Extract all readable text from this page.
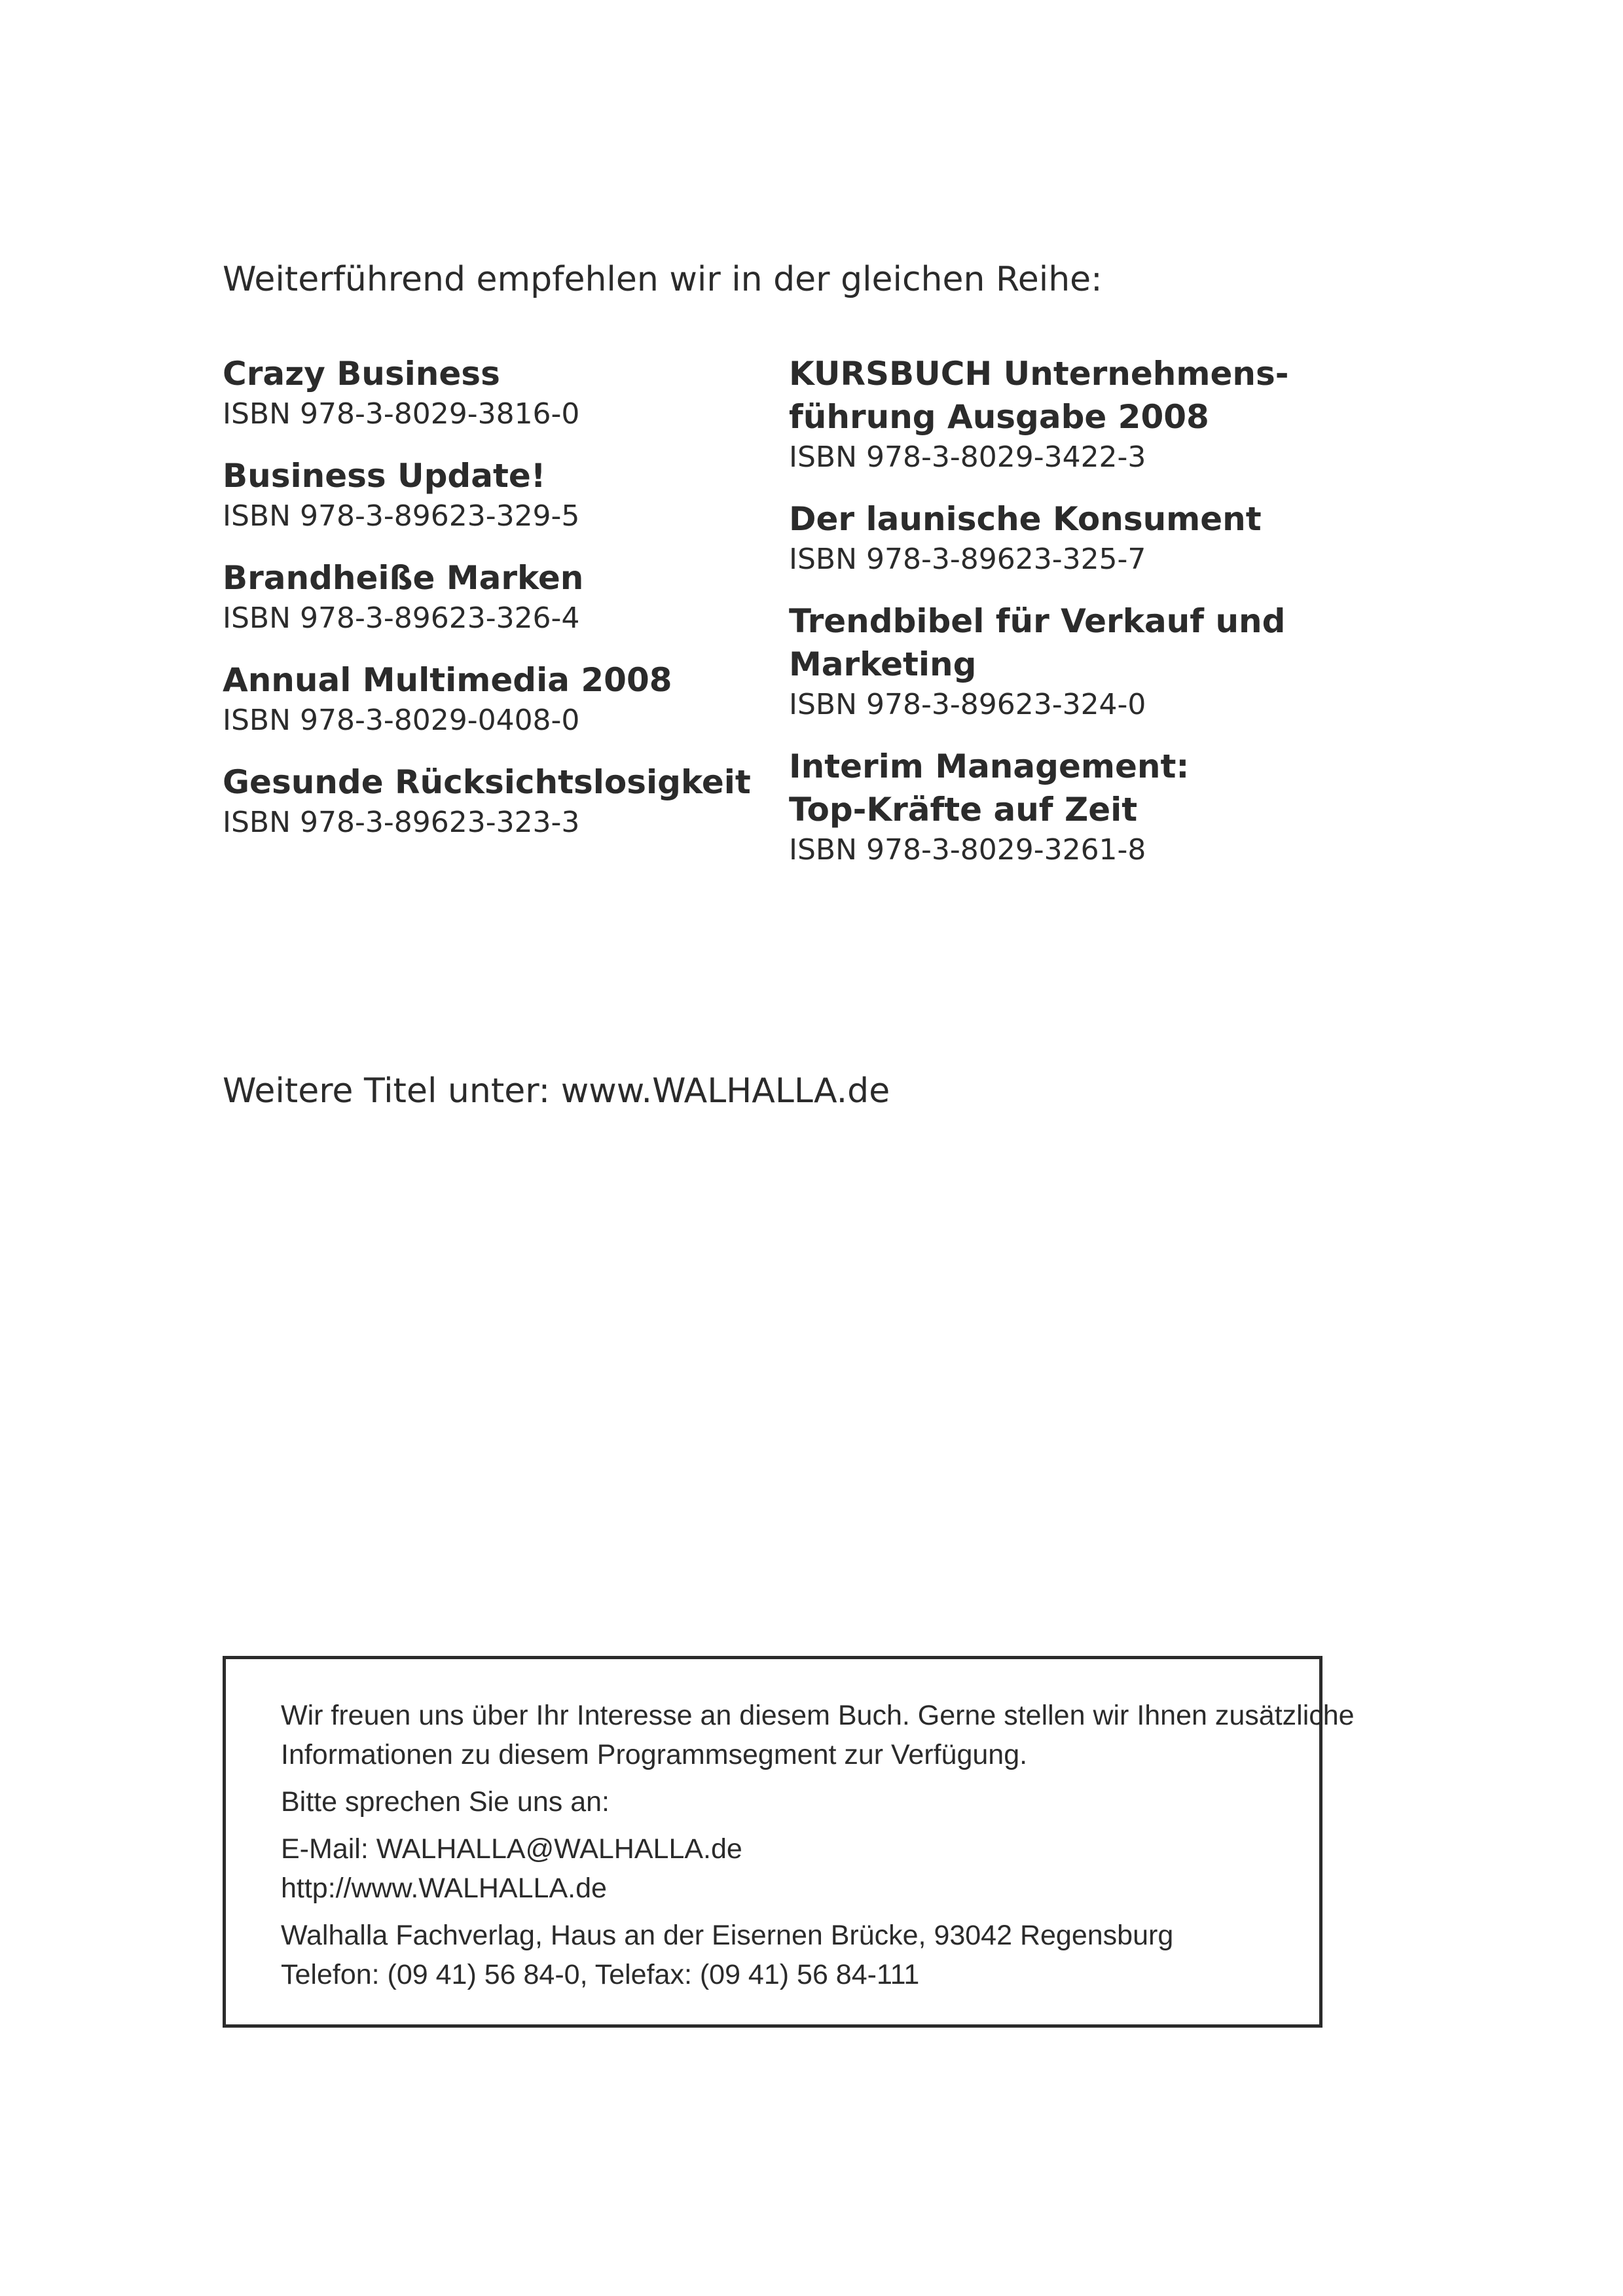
Weiterführend empfehlen wir in der gleichen Reihe:
Crazy Business
ISBN 978-3-8029-3816-0
Business Update!
ISBN 978-3-89623-329-5
Brandheiße Marken
ISBN 978-3-89623-326-4
Annual Multimedia 2008
ISBN 978-3-8029-0408-0
Gesunde Rücksichtslosigkeit
ISBN 978-3-89623-323-3
KURSBUCH Unternehmens-
führung Ausgabe 2008
ISBN 978-3-8029-3422-3
Der launische Konsument
ISBN 978-3-89623-325-7
Trendbibel für Verkauf und
Marketing
ISBN 978-3-89623-324-0
Interim Management:
Top-Kräfte auf Zeit
ISBN 978-3-8029-3261-8
Weitere Titel unter: www.WALHALLA.de

Wir freuen uns über Ihr Interesse an diesem Buch. Gerne stellen wir Ihnen zusätzliche
Informationen zu diesem Programmsegment zur Verfügung.

Bitte sprechen Sie uns an:

E-Mail: WALHALLA@WALHALLA.de
http://www.WALHALLA.de

Walhalla Fachverlag, Haus an der Eisernen Brücke, 93042 Regensburg
Telefon: (09 41) 56 84-0, Telefax: (09 41) 56 84-111
